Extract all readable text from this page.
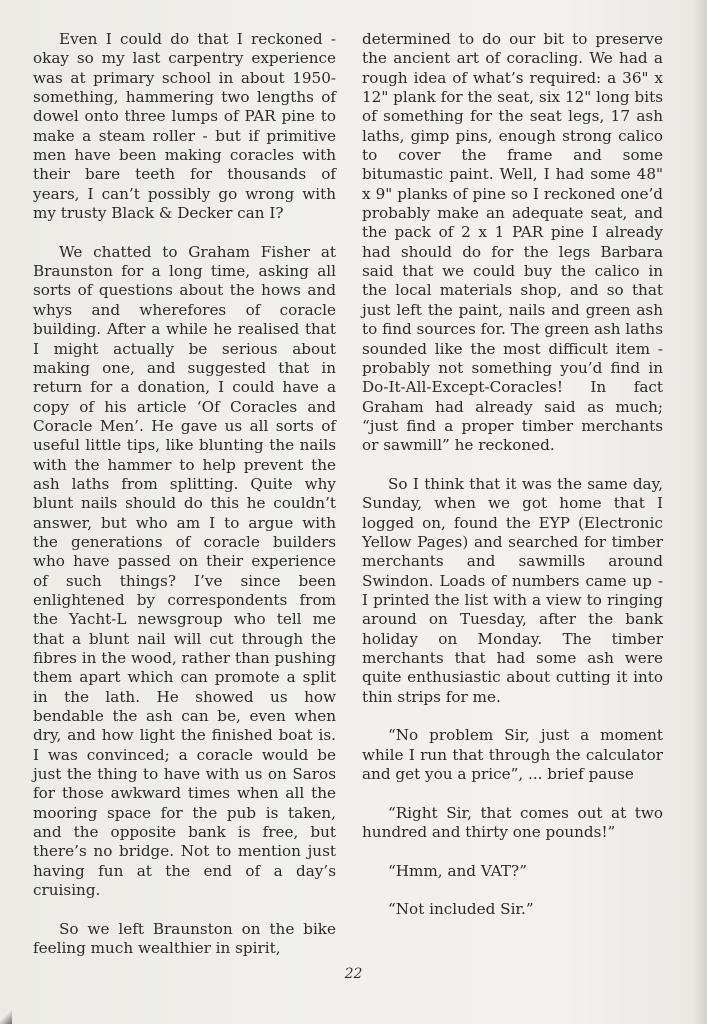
Even I could do that I reckoned - okay so my last carpentry experience was at primary school in about 1950-something, hammering two lengths of dowel onto three lumps of PAR pine to make a steam roller - but if primitive men have been making coracles with their bare teeth for thousands of years, I can’t possibly go wrong with my trusty Black & Decker can I?

We chatted to Graham Fisher at Braunston for a long time, asking all sorts of questions about the hows and whys and wherefores of coracle building. After a while he realised that I might actually be serious about making one, and suggested that in return for a donation, I could have a copy of his article ‘Of Coracles and Coracle Men’. He gave us all sorts of useful little tips, like blunting the nails with the hammer to help prevent the ash laths from splitting. Quite why blunt nails should do this he couldn’t answer, but who am I to argue with the generations of coracle builders who have passed on their experience of such things? I’ve since been enlightened by correspondents from the Yacht-L newsgroup who tell me that a blunt nail will cut through the fibres in the wood, rather than pushing them apart which can promote a split in the lath. He showed us how bendable the ash can be, even when dry, and how light the finished boat is. I was convinced; a coracle would be just the thing to have with us on Saros for those awkward times when all the mooring space for the pub is taken, and the opposite bank is free, but there’s no bridge. Not to mention just having fun at the end of a day’s cruising.

So we left Braunston on the bike feeling much wealthier in spirit,

determined to do our bit to preserve the ancient art of coracling. We had a rough idea of what’s required: a 36" x 12" plank for the seat, six 12" long bits of something for the seat legs, 17 ash laths, gimp pins, enough strong calico to cover the frame and some bitumastic paint. Well, I had some 48" x 9" planks of pine so I reckoned one’d probably make an adequate seat, and the pack of 2 x 1 PAR pine I already had should do for the legs Barbara said that we could buy the calico in the local materials shop, and so that just left the paint, nails and green ash to find sources for. The green ash laths sounded like the most difficult item - probably not something you’d find in Do-It-All-Except-Coracles! In fact Graham had already said as much; “just find a proper timber merchants or sawmill” he reckoned.

So I think that it was the same day, Sunday, when we got home that I logged on, found the EYP (Electronic Yellow Pages) and searched for timber merchants and sawmills around Swindon. Loads of numbers came up - I printed the list with a view to ringing around on Tuesday, after the bank holiday on Monday. The timber merchants that had some ash were quite enthusiastic about cutting it into thin strips for me.

“No problem Sir, just a moment while I run that through the calculator and get you a price”, ... brief pause

“Right Sir, that comes out at two hundred and thirty one pounds!”

“Hmm, and VAT?”

“Not included Sir.”

22
